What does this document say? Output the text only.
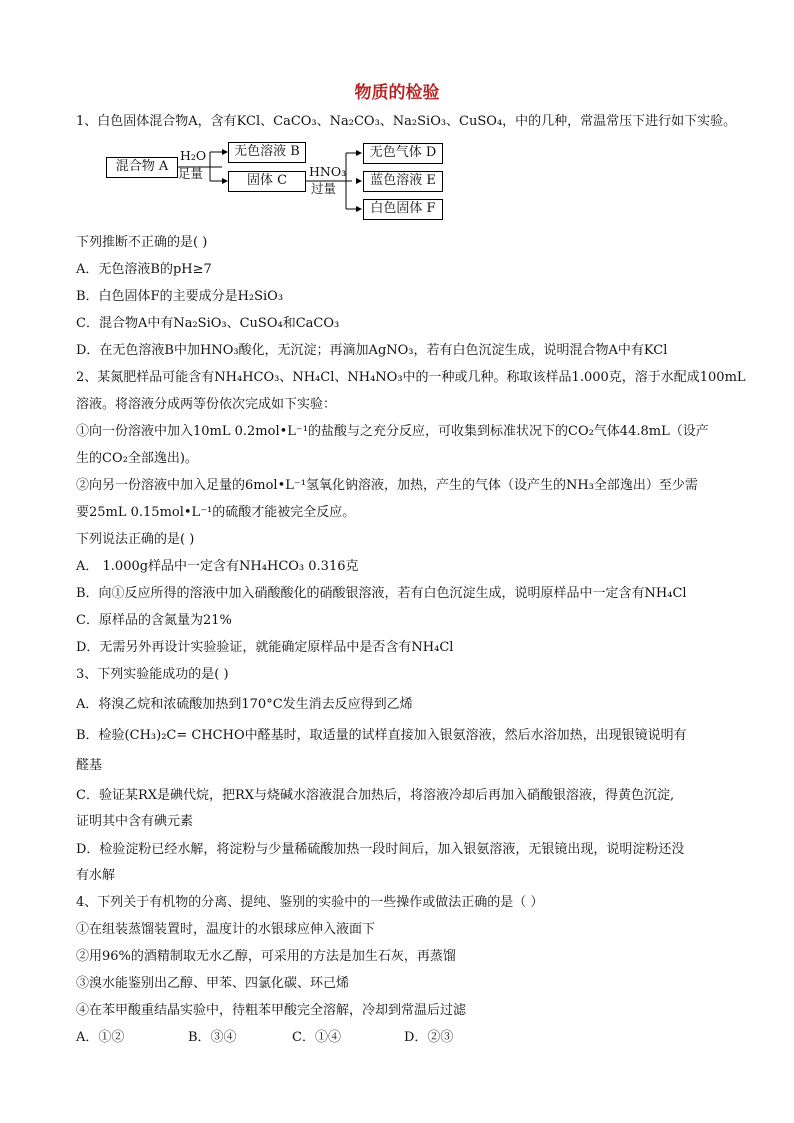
物质的检验
1、白色固体混合物A，含有KCl、CaCO₃、Na₂CO₃、Na₂SiO₃、CuSO₄，中的几种，常温常压下进行如下实验。
混合物 A
H₂O
足量
无色溶液 B
固体 C
HNO₃
过量
无色气体 D
蓝色溶液 E
白色固体 F
下列推断不正确的是( )
A．无色溶液B的pH≥7
B．白色固体F的主要成分是H₂SiO₃
C．混合物A中有Na₂SiO₃、CuSO₄和CaCO₃
D．在无色溶液B中加HNO₃酸化，无沉淀；再滴加AgNO₃，若有白色沉淀生成，说明混合物A中有KCl
2、某氮肥样品可能含有NH₄HCO₃、NH₄Cl、NH₄NO₃中的一种或几种。称取该样品1.000克，溶于水配成100mL
溶液。将溶液分成两等份依次完成如下实验：
①向一份溶液中加入10mL 0.2mol•L⁻¹的盐酸与之充分反应，可收集到标准状况下的CO₂气体44.8mL（设产
生的CO₂全部逸出)。
②向另一份溶液中加入足量的6mol•L⁻¹氢氧化钠溶液，加热，产生的气体（设产生的NH₃全部逸出）至少需
要25mL 0.15mol•L⁻¹的硫酸才能被完全反应。
下列说法正确的是( )
A． 1.000g样品中一定含有NH₄HCO₃ 0.316克
B．向①反应所得的溶液中加入硝酸酸化的硝酸银溶液，若有白色沉淀生成，说明原样品中一定含有NH₄Cl
C．原样品的含氮量为21%
D．无需另外再设计实验验证，就能确定原样品中是否含有NH₄Cl
3、下列实验能成功的是( )
A．将溴乙烷和浓硫酸加热到170°C发生消去反应得到乙烯
B．检验(CH₃)₂C= CHCHO中醛基时，取适量的试样直接加入银氨溶液，然后水浴加热，出现银镜说明有
醛基
C．验证某RX是碘代烷，把RX与烧碱水溶液混合加热后，将溶液冷却后再加入硝酸银溶液，得黄色沉淀,
证明其中含有碘元素
D．检验淀粉已经水解，将淀粉与少量稀硫酸加热一段时间后，加入银氨溶液，无银镜出现，说明淀粉还没
有水解
4、下列关于有机物的分离、提纯、鉴别的实验中的一些操作或做法正确的是（ ）
①在组装蒸馏装置时，温度计的水银球应伸入液面下
②用96%的酒精制取无水乙醇，可采用的方法是加生石灰，再蒸馏
③溴水能鉴别出乙醇、甲苯、四氯化碳、环己烯
④在苯甲酸重结晶实验中，待粗苯甲酸完全溶解，冷却到常温后过滤
A．①②	B．③④	C．①④	D．②③
